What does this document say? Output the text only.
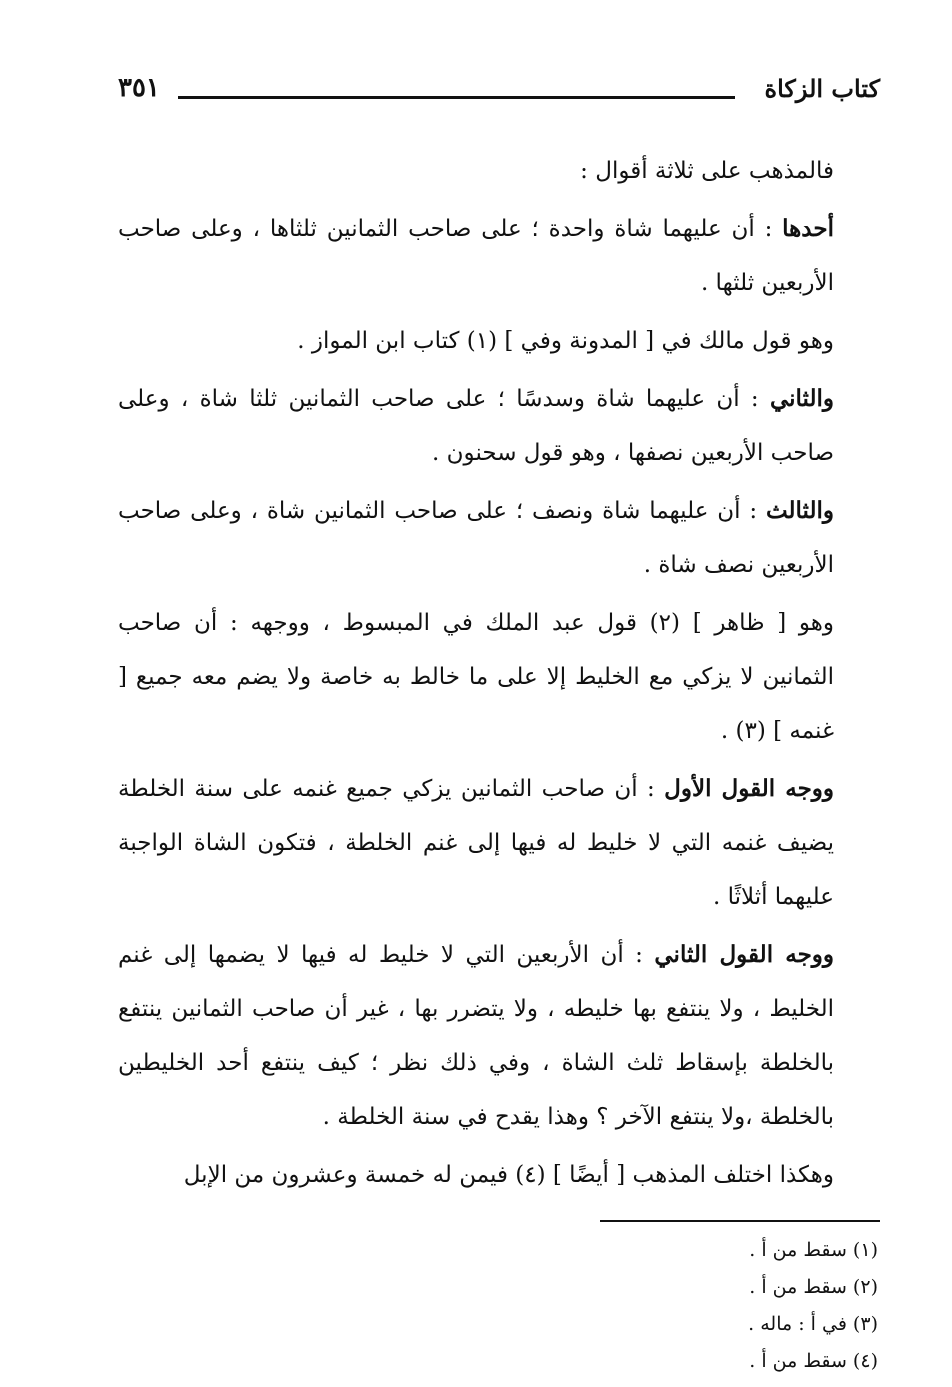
كتاب الزكاة
٣٥١

فالمذهب على ثلاثة أقوال :

أحدها : أن عليهما شاة واحدة ؛ على صاحب الثمانين ثلثاها ، وعلى صاحب الأربعين ثلثها .

وهو قول مالك في [ المدونة وفي ] (١) كتاب ابن المواز .

والثاني : أن عليهما شاة وسدسًا ؛ على صاحب الثمانين ثلثا شاة ، وعلى صاحب الأربعين نصفها ، وهو قول سحنون .

والثالث : أن عليهما شاة ونصف ؛ على صاحب الثمانين شاة ، وعلى صاحب الأربعين نصف شاة .

وهو [ ظاهر ] (٢) قول عبد الملك في المبسوط ، ووجهه : أن صاحب الثمانين لا يزكي مع الخليط إلا على ما خالط به خاصة ولا يضم معه جميع [ غنمه ] (٣) .

ووجه القول الأول : أن صاحب الثمانين يزكي جميع غنمه على سنة الخلطة يضيف غنمه التي لا خليط له فيها إلى غنم الخلطة ، فتكون الشاة الواجبة عليهما أثلاثًا .

ووجه القول الثاني : أن الأربعين التي لا خليط له فيها لا يضمها إلى غنم الخليط ، ولا ينتفع بها خليطه ، ولا يتضرر بها ، غير أن صاحب الثمانين ينتفع بالخلطة بإسقاط ثلث الشاة ، وفي ذلك نظر ؛ كيف ينتفع أحد الخليطين بالخلطة ،ولا ينتفع الآخر ؟ وهذا يقدح في سنة الخلطة .

وهكذا اختلف المذهب [ أيضًا ] (٤) فيمن له خمسة وعشرون من الإبل

(١) سقط من أ .
(٢) سقط من أ .
(٣) في أ : ماله .
(٤) سقط من أ .
